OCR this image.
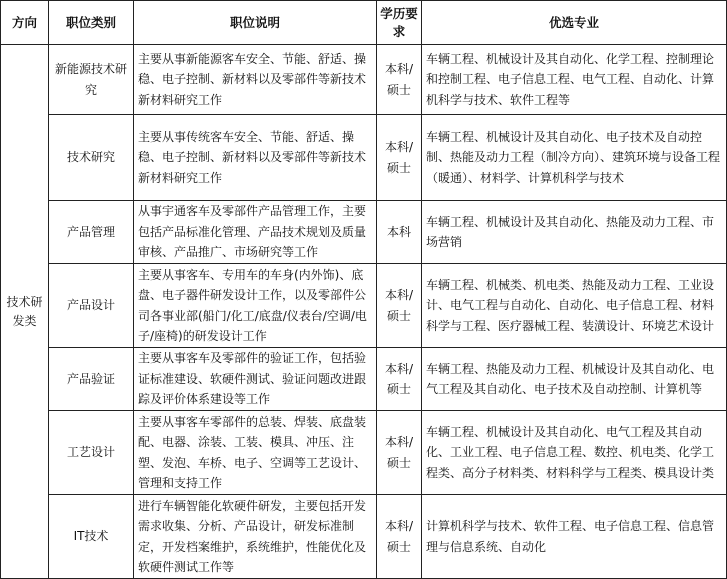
方向	职位类别	职位说明	学历要求	优选专业
技术研发类	新能源技术研究	主要从事新能源客车安全、节能、舒适、操稳、电子控制、新材料以及零部件等新技术新材料研究工作	本科/硕士	车辆工程、机械设计及其自动化、化学工程、控制理论和控制工程、电子信息工程、电气工程、自动化、计算机科学与技术、软件工程等
	技术研究	主要从事传统客车安全、节能、舒适、操稳、电子控制、新材料以及零部件等新技术新材料研究工作	本科/硕士	车辆工程、机械设计及其自动化、电子技术及自动控制、热能及动力工程（制冷方向）、建筑环境与设备工程（暖通）、材料学、计算机科学与技术
	产品管理	从事宇通客车及零部件产品管理工作，主要包括产品标准化管理、产品技术规划及质量审核、产品推广、市场研究等工作	本科	车辆工程、机械设计及其自动化、热能及动力工程、市场营销
	产品设计	主要从事客车、专用车的车身(内外饰)、底盘、电子器件研发设计工作，以及零部件公司各事业部(船门/化工/底盘/仪表台/空调/电子/座椅)的研发设计工作	本科/硕士	车辆工程、机械类、机电类、热能及动力工程、工业设计、电气工程与自动化、自动化、电子信息工程、材料科学与工程、医疗器械工程、装潢设计、环境艺术设计
	产品验证	主要从事客车及零部件的验证工作，包括验证标准建设、软硬件测试、验证问题改进跟踪及评价体系建设等工作	本科/硕士	车辆工程、热能及动力工程、机械设计及其自动化、电气工程及其自动化、电子技术及自动控制、计算机等
	工艺设计	主要从事客车零部件的总装、焊装、底盘装配、电器、涂装、工装、模具、冲压、注塑、发泡、车桥、电子、空调等工艺设计、管理和支持工作	本科/硕士	车辆工程、机械设计及其自动化、电气工程及其自动化、工业工程、电子信息工程、数控、机电类、化学工程类、高分子材料类、材料科学与工程类、模具设计类
	IT技术	进行车辆智能化软硬件研发，主要包括开发需求收集、分析、产品设计，研发标准制定，开发档案维护，系统维护，性能优化及软硬件测试工作等	本科/硕士	计算机科学与技术、软件工程、电子信息工程、信息管理与信息系统、自动化
